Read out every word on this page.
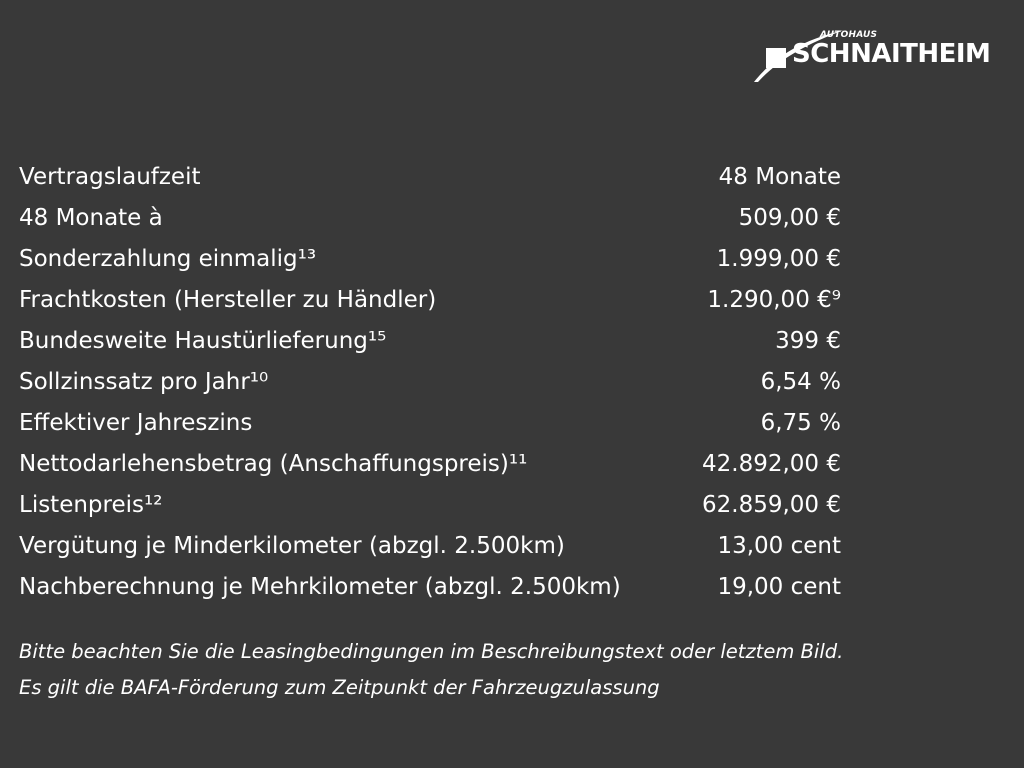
AUTOHAUS
SCHNAITHEIM
Vertragslaufzeit	48 Monate
48 Monate à	509,00 €
Sonderzahlung einmalig¹³	1.999,00 €
Frachtkosten (Hersteller zu Händler)	1.290,00 €⁹
Bundesweite Haustürlieferung¹⁵	399 €
Sollzinssatz pro Jahr¹⁰	6,54 %
Effektiver Jahreszins	6,75 %
Nettodarlehensbetrag (Anschaffungspreis)¹¹	42.892,00 €
Listenpreis¹²	62.859,00 €
Vergütung je Minderkilometer (abzgl. 2.500km)	13,00 cent
Nachberechnung je Mehrkilometer (abzgl. 2.500km)	19,00 cent
Bitte beachten Sie die Leasingbedingungen im Beschreibungstext oder letztem Bild.
Es gilt die BAFA-Förderung zum Zeitpunkt der Fahrzeugzulassung
